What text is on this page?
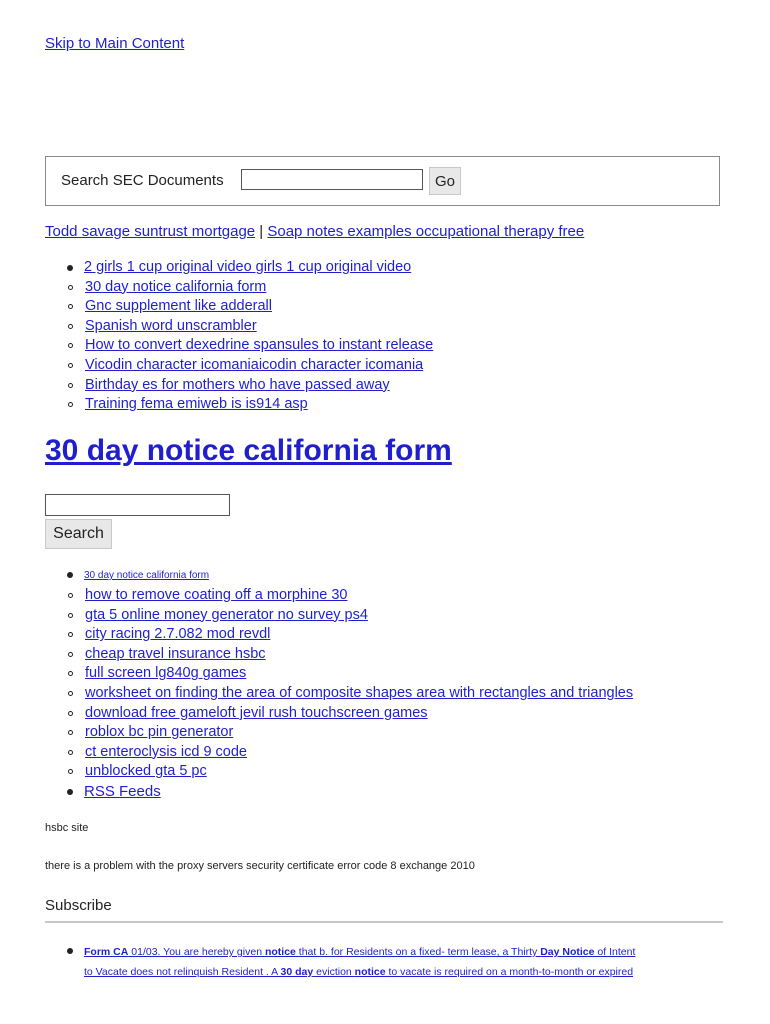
Skip to Main Content
Search SEC Documents	Go
Todd savage suntrust mortgage | Soap notes examples occupational therapy free
2 girls 1 cup original video girls 1 cup original video
30 day notice california form
Gnc supplement like adderall
Spanish word unscrambler
How to convert dexedrine spansules to instant release
Vicodin character icomaniaicodin character icomania
Birthday es for mothers who have passed away
Training fema emiweb is is914 asp
30 day notice california form
Search
30 day notice california form
how to remove coating off a morphine 30
gta 5 online money generator no survey ps4
city racing 2.7.082 mod revdl
cheap travel insurance hsbc
full screen lg840g games
worksheet on finding the area of composite shapes area with rectangles and triangles
download free gameloft jevil rush touchscreen games
roblox bc pin generator
ct enteroclysis icd 9 code
unblocked gta 5 pc
RSS Feeds
hsbc site
there is a problem with the proxy servers security certificate error code 8 exchange 2010
Subscribe
Form CA 01/03. You are hereby given notice that b. for Residents on a fixed- term lease, a Thirty Day Notice of Intent
to Vacate does not relinquish Resident . A 30 day eviction notice to vacate is required on a month-to-month or expired
